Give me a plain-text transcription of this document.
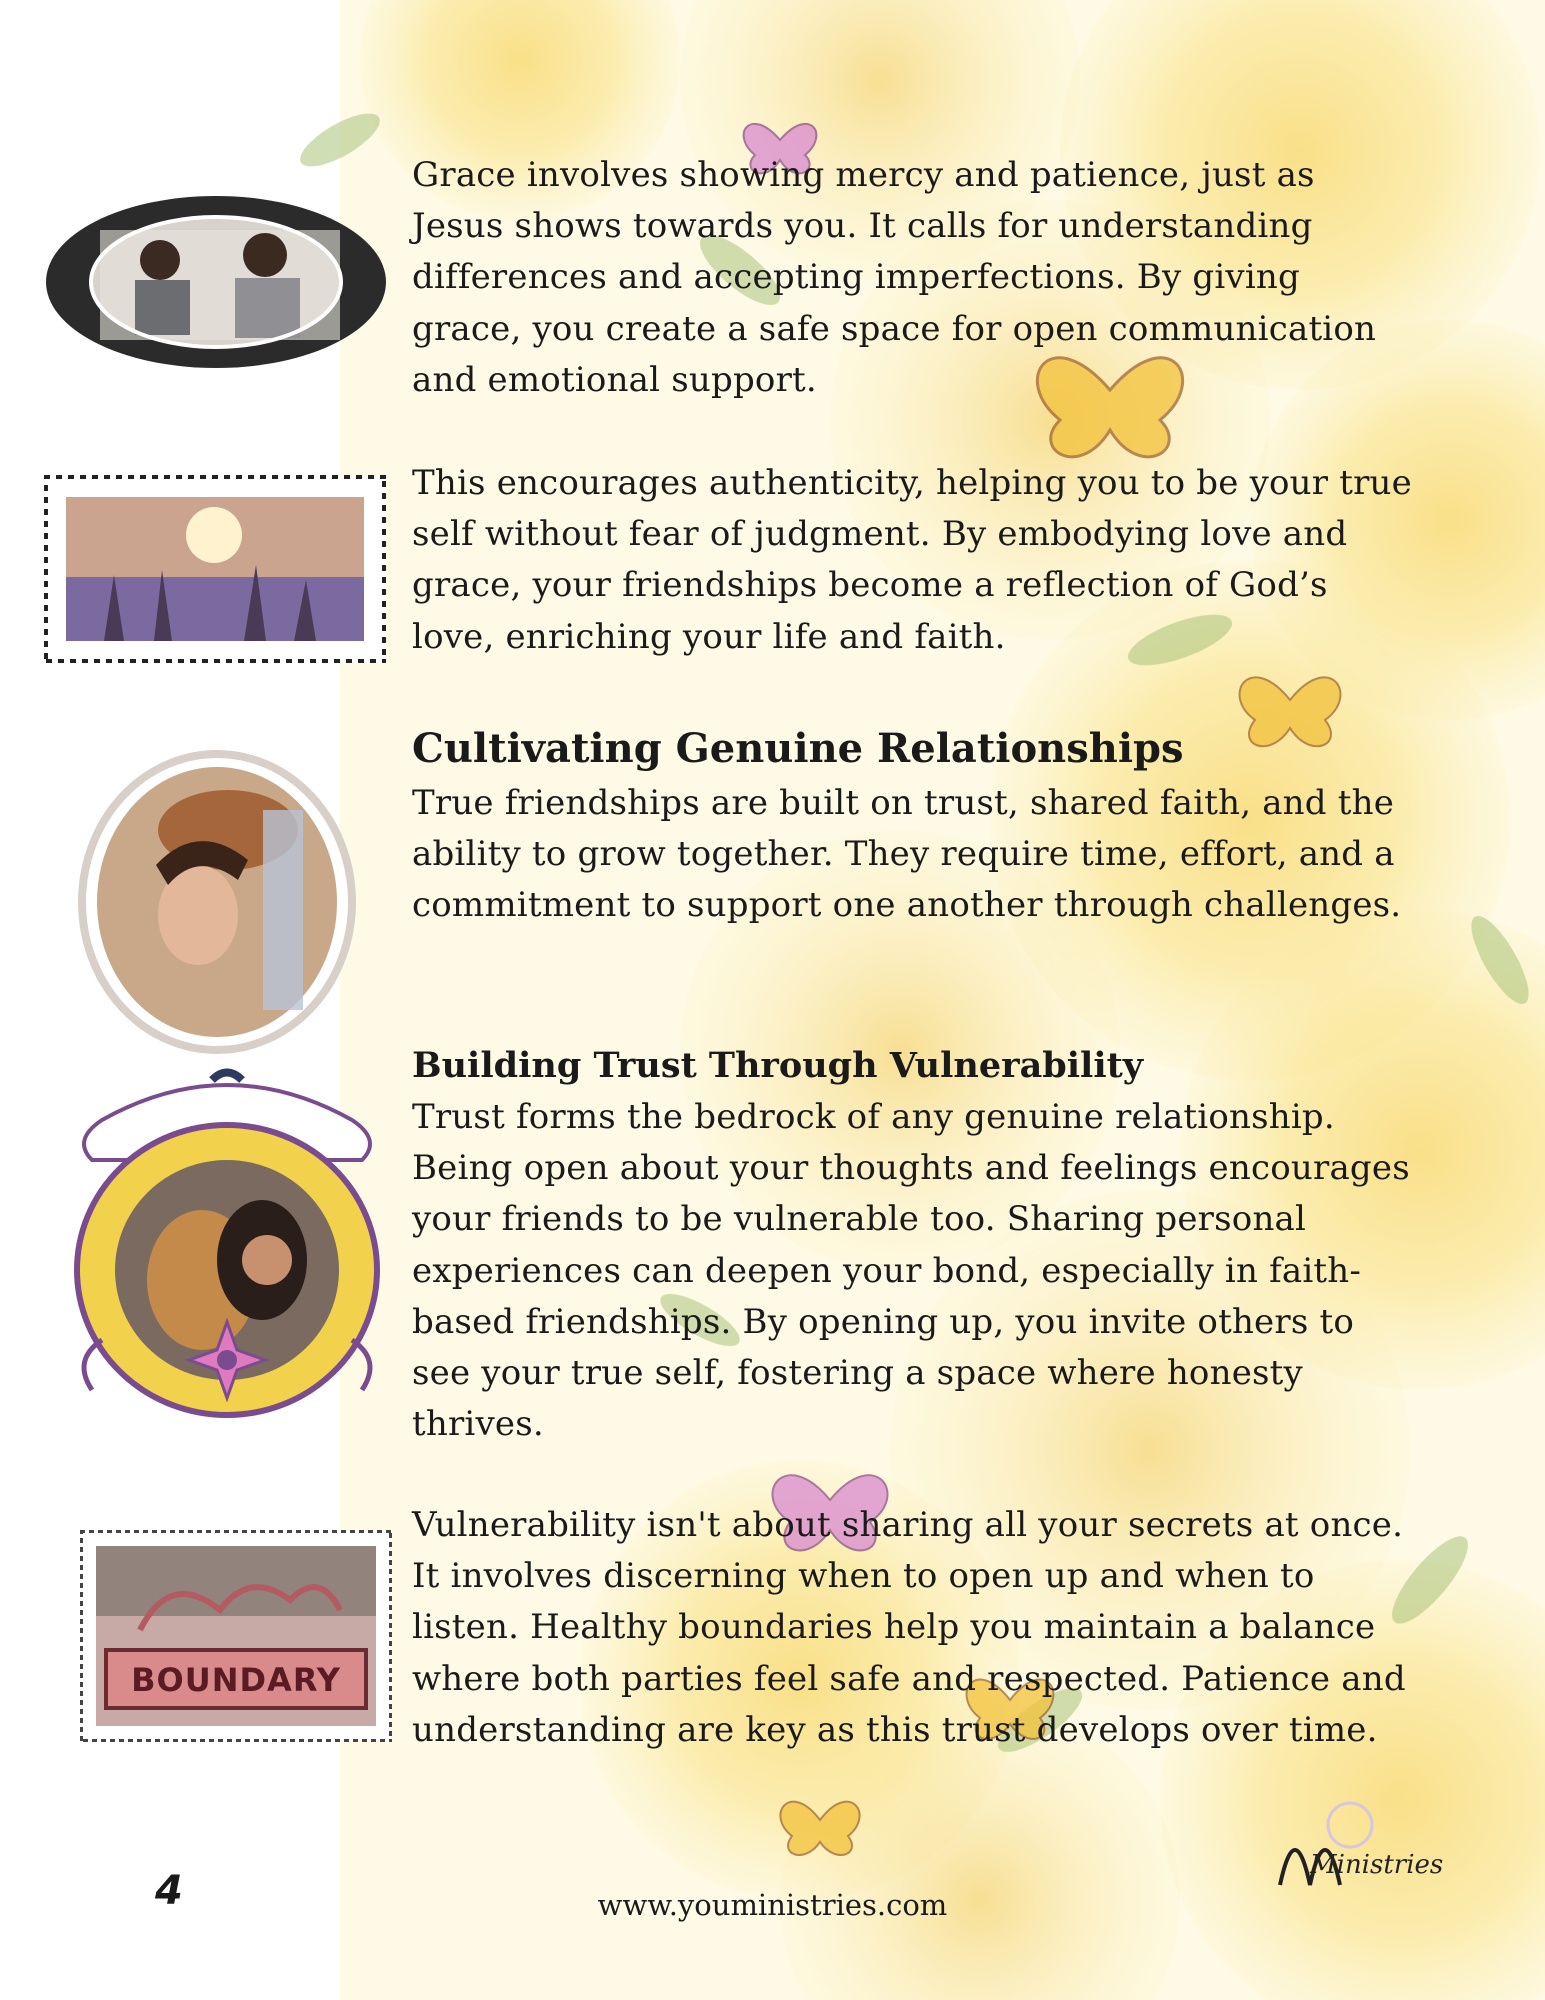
BOUNDARY

Grace involves showing mercy and patience, just as Jesus shows towards you. It calls for understanding differences and accepting imperfections. By giving grace, you create a safe space for open communication and emotional support.

This encourages authenticity, helping you to be your true self without fear of judgment. By embodying love and grace, your friendships become a reflection of God’s love, enriching your life and faith.

Cultivating Genuine Relationships

True friendships are built on trust, shared faith, and the ability to grow together. They require time, effort, and a commitment to support one another through challenges.

Building Trust Through Vulnerability

Trust forms the bedrock of any genuine relationship. Being open about your thoughts and feelings encourages your friends to be vulnerable too. Sharing personal experiences can deepen your bond, especially in faith-based friendships. By opening up, you invite others to see your true self, fostering a space where honesty thrives.

Vulnerability isn't about sharing all your secrets at once. It involves discerning when to open up and when to listen. Healthy boundaries help you maintain a balance where both parties feel safe and respected. Patience and understanding are key as this trust develops over time.

Ministries
4	www.youministries.com
